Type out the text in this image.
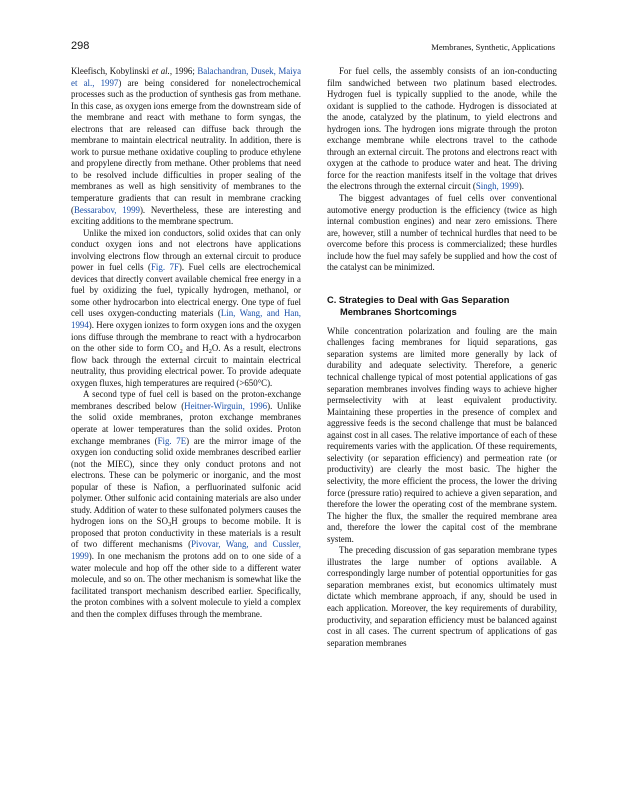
298	Membranes, Synthetic, Applications

Kleefisch, Kobylinski et al., 1996; Balachandran, Dusek, Maiya et al., 1997) are being considered for nonelectrochemical processes such as the production of synthesis gas from methane. In this case, as oxygen ions emerge from the downstream side of the membrane and react with methane to form syngas, the electrons that are released can diffuse back through the membrane to maintain electrical neutrality. In addition, there is work to pursue methane oxidative coupling to produce ethylene and propylene directly from methane. Other problems that need to be resolved include difficulties in proper sealing of the membranes as well as high sensitivity of membranes to the temperature gradients that can result in membrane cracking (Bessarabov, 1999). Nevertheless, these are interesting and exciting additions to the membrane spectrum.

Unlike the mixed ion conductors, solid oxides that can only conduct oxygen ions and not electrons have applications involving electrons flow through an external circuit to produce power in fuel cells (Fig. 7F). Fuel cells are electrochemical devices that directly convert available chemical free energy in a fuel by oxidizing the fuel, typically hydrogen, methanol, or some other hydrocarbon into electrical energy. One type of fuel cell uses oxygen-conducting materials (Lin, Wang, and Han, 1994). Here oxygen ionizes to form oxygen ions and the oxygen ions diffuse through the membrane to react with a hydrocarbon on the other side to form $CO_2$ and $H_2O$. As a result, electrons flow back through the external circuit to maintain electrical neutrality, thus providing electrical power. To provide adequate oxygen fluxes, high temperatures are required (>650°C).

A second type of fuel cell is based on the proton-exchange membranes described below (Heitner-Wirguin, 1996). Unlike the solid oxide membranes, proton exchange membranes operate at lower temperatures than the solid oxides. Proton exchange membranes (Fig. 7E) are the mirror image of the oxygen ion conducting solid oxide membranes described earlier (not the MIEC), since they only conduct protons and not electrons. These can be polymeric or inorganic, and the most popular of these is Nafion, a perfluorinated sulfonic acid polymer. Other sulfonic acid containing materials are also under study. Addition of water to these sulfonated polymers causes the hydrogen ions on the $SO_3H$ groups to become mobile. It is proposed that proton conductivity in these materials is a result of two different mechanisms (Pivovar, Wang, and Cussler, 1999). In one mechanism the protons add on to one side of a water molecule and hop off the other side to a different water molecule, and so on. The other mechanism is somewhat like the facilitated transport mechanism described earlier. Specifically, the proton combines with a solvent molecule to yield a complex and then the complex diffuses through the membrane.

For fuel cells, the assembly consists of an ion-conducting film sandwiched between two platinum based electrodes. Hydrogen fuel is typically supplied to the anode, while the oxidant is supplied to the cathode. Hydrogen is dissociated at the anode, catalyzed by the platinum, to yield electrons and hydrogen ions. The hydrogen ions migrate through the proton exchange membrane while electrons travel to the cathode through an external circuit. The protons and electrons react with oxygen at the cathode to produce water and heat. The driving force for the reaction manifests itself in the voltage that drives the electrons through the external circuit (Singh, 1999).

The biggest advantages of fuel cells over conventional automotive energy production is the efficiency (twice as high internal combustion engines) and near zero emissions. There are, however, still a number of technical hurdles that need to be overcome before this process is commercialized; these hurdles include how the fuel may safely be supplied and how the cost of the catalyst can be minimized.

C. Strategies to Deal with Gas Separation Membranes Shortcomings

While concentration polarization and fouling are the main challenges facing membranes for liquid separations, gas separation systems are limited more generally by lack of durability and adequate selectivity. Therefore, a generic technical challenge typical of most potential applications of gas separation membranes involves finding ways to achieve higher permselectivity with at least equivalent productivity. Maintaining these properties in the presence of complex and aggressive feeds is the second challenge that must be balanced against cost in all cases. The relative importance of each of these requirements varies with the application. Of these requirements, selectivity (or separation efficiency) and permeation rate (or productivity) are clearly the most basic. The higher the selectivity, the more efficient the process, the lower the driving force (pressure ratio) required to achieve a given separation, and therefore the lower the operating cost of the membrane system. The higher the flux, the smaller the required membrane area and, therefore the lower the capital cost of the membrane system.

The preceding discussion of gas separation membrane types illustrates the large number of options available. A correspondingly large number of potential opportunities for gas separation membranes exist, but economics ultimately must dictate which membrane approach, if any, should be used in each application. Moreover, the key requirements of durability, productivity, and separation efficiency must be balanced against cost in all cases. The current spectrum of applications of gas separation membranes
